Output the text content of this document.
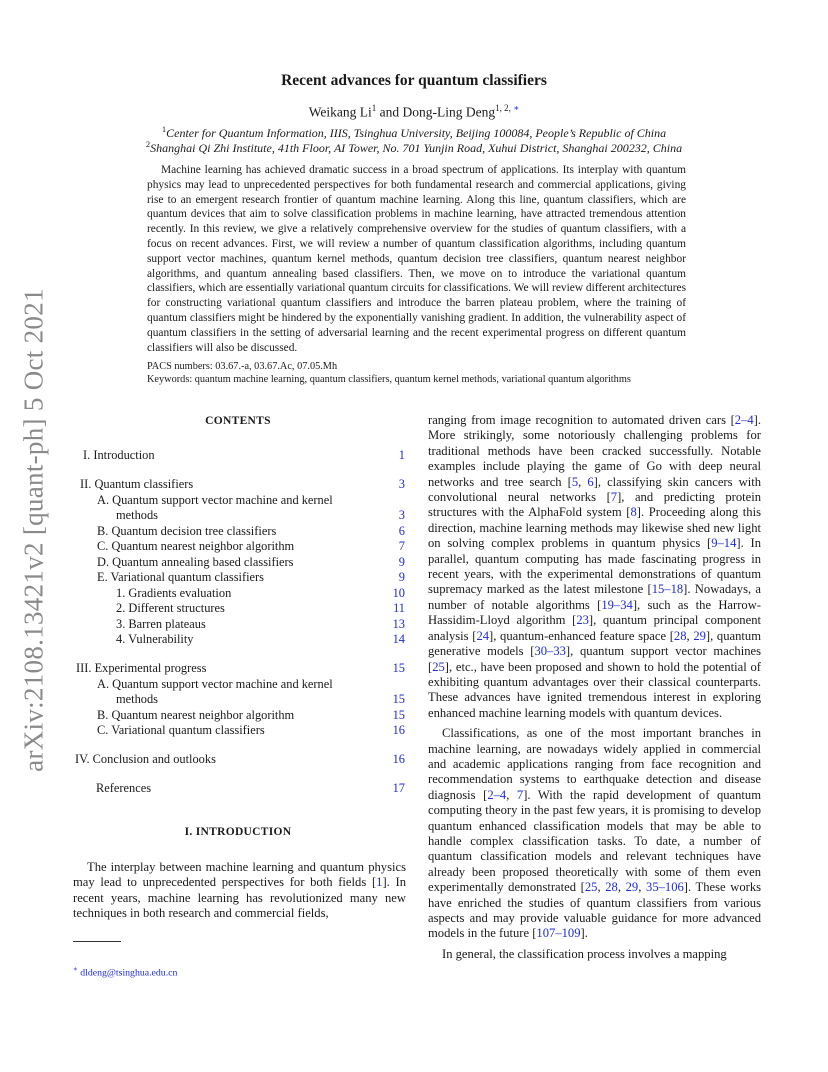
arXiv:2108.13421v2 [quant-ph] 5 Oct 2021
Recent advances for quantum classifiers
Weikang Li$^1$ and Dong-Ling Deng$^{1, 2, ∗}$
$^1$Center for Quantum Information, IIIS, Tsinghua University, Beijing 100084, People’s Republic of China
$^2$Shanghai Qi Zhi Institute, 41th Floor, AI Tower, No. 701 Yunjin Road, Xuhui District, Shanghai 200232, China
Machine learning has achieved dramatic success in a broad spectrum of applications. Its interplay with quantum physics may lead to unprecedented perspectives for both fundamental research and commercial applications, giving rise to an emergent research frontier of quantum machine learning. Along this line, quantum classifiers, which are quantum devices that aim to solve classification problems in machine learning, have attracted tremendous attention recently. In this review, we give a relatively comprehensive overview for the studies of quantum classifiers, with a focus on recent advances. First, we will review a number of quantum classification algorithms, including quantum support vector machines, quantum kernel methods, quantum decision tree classifiers, quantum nearest neighbor algorithms, and quantum annealing based classifiers. Then, we move on to introduce the variational quantum classifiers, which are essentially variational quantum circuits for classifications. We will review different architectures for constructing variational quantum classifiers and introduce the barren plateau problem, where the training of quantum classifiers might be hindered by the exponentially vanishing gradient. In addition, the vulnerability aspect of quantum classifiers in the setting of adversarial learning and the recent experimental progress on different quantum classifiers will also be discussed.
PACS numbers: 03.67.-a, 03.67.Ac, 07.05.Mh
Keywords: quantum machine learning, quantum classifiers, quantum kernel methods, variational quantum algorithms
CONTENTS
I. Introduction	1
II. Quantum classifiers	3
A. Quantum support vector machine and kernel
methods	3
B. Quantum decision tree classifiers	6
C. Quantum nearest neighbor algorithm	7
D. Quantum annealing based classifiers	9
E. Variational quantum classifiers	9
1. Gradients evaluation	10
2. Different structures	11
3. Barren plateaus	13
4. Vulnerability	14
III. Experimental progress	15
A. Quantum support vector machine and kernel
methods	15
B. Quantum nearest neighbor algorithm	15
C. Variational quantum classifiers	16
IV. Conclusion and outlooks	16
References	17
I. INTRODUCTION
The interplay between machine learning and quantum physics may lead to unprecedented perspectives for both fields [1]. In recent years, machine learning has revolutionized many new techniques in both research and commercial fields,
∗ dldeng@tsinghua.edu.cn

ranging from image recognition to automated driven cars [2–4]. More strikingly, some notoriously challenging problems for traditional methods have been cracked successfully. Notable examples include playing the game of Go with deep neural networks and tree search [5, 6], classifying skin cancers with convolutional neural networks [7], and predicting protein structures with the AlphaFold system [8]. Proceeding along this direction, machine learning methods may likewise shed new light on solving complex problems in quantum physics [9–14]. In parallel, quantum computing has made fascinating progress in recent years, with the experimental demonstrations of quantum supremacy marked as the latest milestone [15–18]. Nowadays, a number of notable algorithms [19–34], such as the Harrow-Hassidim-Lloyd algorithm [23], quantum principal component analysis [24], quantum-enhanced feature space [28, 29], quantum generative models [30–33], quantum support vector machines [25], etc., have been proposed and shown to hold the potential of exhibiting quantum advantages over their classical counterparts. These advances have ignited tremendous interest in exploring enhanced machine learning models with quantum devices.

Classifications, as one of the most important branches in machine learning, are nowadays widely applied in commercial and academic applications ranging from face recognition and recommendation systems to earthquake detection and disease diagnosis [2–4, 7]. With the rapid development of quantum computing theory in the past few years, it is promising to develop quantum enhanced classification models that may be able to handle complex classification tasks. To date, a number of quantum classification models and relevant techniques have already been proposed theoretically with some of them even experimentally demonstrated [25, 28, 29, 35–106]. These works have enriched the studies of quantum classifiers from various aspects and may provide valuable guidance for more advanced models in the future [107–109].

In general, the classification process involves a mapping
